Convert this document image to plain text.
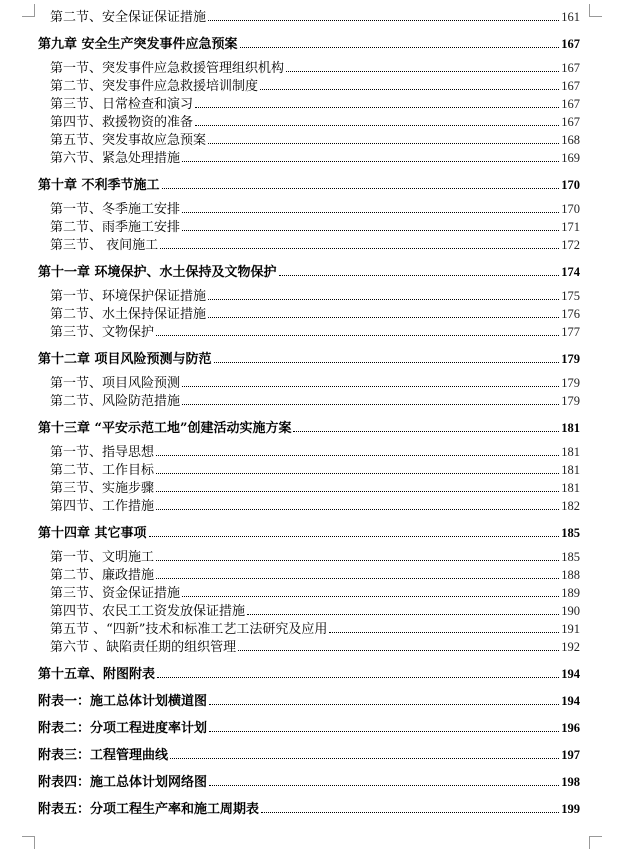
第二节、安全保证保证措施	161
第九章 安全生产突发事件应急预案	167
第一节、突发事件应急救援管理组织机构	167
第二节、突发事件应急救援培训制度	167
第三节、日常检查和演习	167
第四节、救援物资的准备	167
第五节、突发事故应急预案	168
第六节、紧急处理措施	169
第十章 不利季节施工	170
第一节、冬季施工安排	170
第二节、雨季施工安排	171
第三节、 夜间施工	172
第十一章 环境保护、水土保持及文物保护	174
第一节、环境保护保证措施	175
第二节、水土保持保证措施	176
第三节、文物保护	177
第十二章 项目风险预测与防范	179
第一节、项目风险预测	179
第二节、风险防范措施	179
第十三章 “平安示范工地”创建活动实施方案	181
第一节、指导思想	181
第二节、工作目标	181
第三节、实施步骤	181
第四节、工作措施	182
第十四章 其它事项	185
第一节、文明施工	185
第二节、廉政措施	188
第三节、资金保证措施	189
第四节、农民工工资发放保证措施	190
第五节 、“四新”技术和标准工艺工法研究及应用	191
第六节 、缺陷责任期的组织管理	192
第十五章、附图附表	194
附表一：施工总体计划横道图	194
附表二：分项工程进度率计划	196
附表三：工程管理曲线	197
附表四：施工总体计划网络图	198
附表五：分项工程生产率和施工周期表	199
